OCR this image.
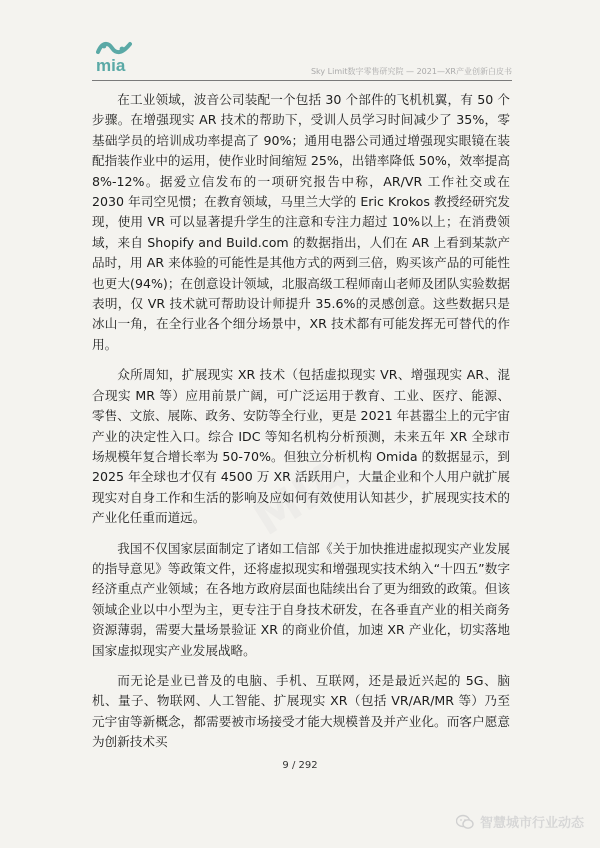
MIA
mia	Sky Limit数字零售研究院 — 2021—XR产业创新白皮书

在工业领域，波音公司装配一个包括 30 个部件的飞机机翼，有 50 个步骤。在增强现实 AR 技术的帮助下，受训人员学习时间减少了 35%，零基础学员的培训成功率提高了 90%；通用电器公司通过增强现实眼镜在装配指装作业中的运用，使作业时间缩短 25%，出错率降低 50%，效率提高 8%-12%。据爱立信发布的一项研究报告中称，AR/VR 工作社交或在 2030 年司空见惯；在教育领域，马里兰大学的 Eric Krokos 教授经研究发现，使用 VR 可以显著提升学生的注意和专注力超过 10%以上；在消费领域，来自 Shopify and Build.com 的数据指出，人们在 AR 上看到某款产品时，用 AR 来体验的可能性是其他方式的两到三倍，购买该产品的可能性也更大(94%)；在创意设计领域，北服高级工程师南山老师及团队实验数据表明，仅 VR 技术就可帮助设计师提升 35.6%的灵感创意。这些数据只是冰山一角，在全行业各个细分场景中，XR 技术都有可能发挥无可替代的作用。

众所周知，扩展现实 XR 技术（包括虚拟现实 VR、增强现实 AR、混合现实 MR 等）应用前景广阔，可广泛运用于教育、工业、医疗、能源、零售、文旅、展陈、政务、安防等全行业，更是 2021 年甚嚣尘上的元宇宙产业的决定性入口。综合 IDC 等知名机构分析预测，未来五年 XR 全球市场规模年复合增长率为 50-70%。但独立分析机构 Omida 的数据显示，到 2025 年全球也才仅有 4500 万 XR 活跃用户，大量企业和个人用户就扩展现实对自身工作和生活的影响及应如何有效使用认知甚少，扩展现实技术的产业化任重而道远。

我国不仅国家层面制定了诸如工信部《关于加快推进虚拟现实产业发展的指导意见》等政策文件，还将虚拟现实和增强现实技术纳入“十四五”数字经济重点产业领域；在各地方政府层面也陆续出台了更为细致的政策。但该领域企业以中小型为主，更专注于自身技术研发，在各垂直产业的相关商务资源薄弱，需要大量场景验证 XR 的商业价值，加速 XR 产业化，切实落地国家虚拟现实产业发展战略。

而无论是业已普及的电脑、手机、互联网，还是最近兴起的 5G、脑机、量子、物联网、人工智能、扩展现实 XR（包括 VR/AR/MR 等）乃至元宇宙等新概念，都需要被市场接受才能大规模普及并产业化。而客户愿意为创新技术买

9 / 292
智慧城市行业动态
